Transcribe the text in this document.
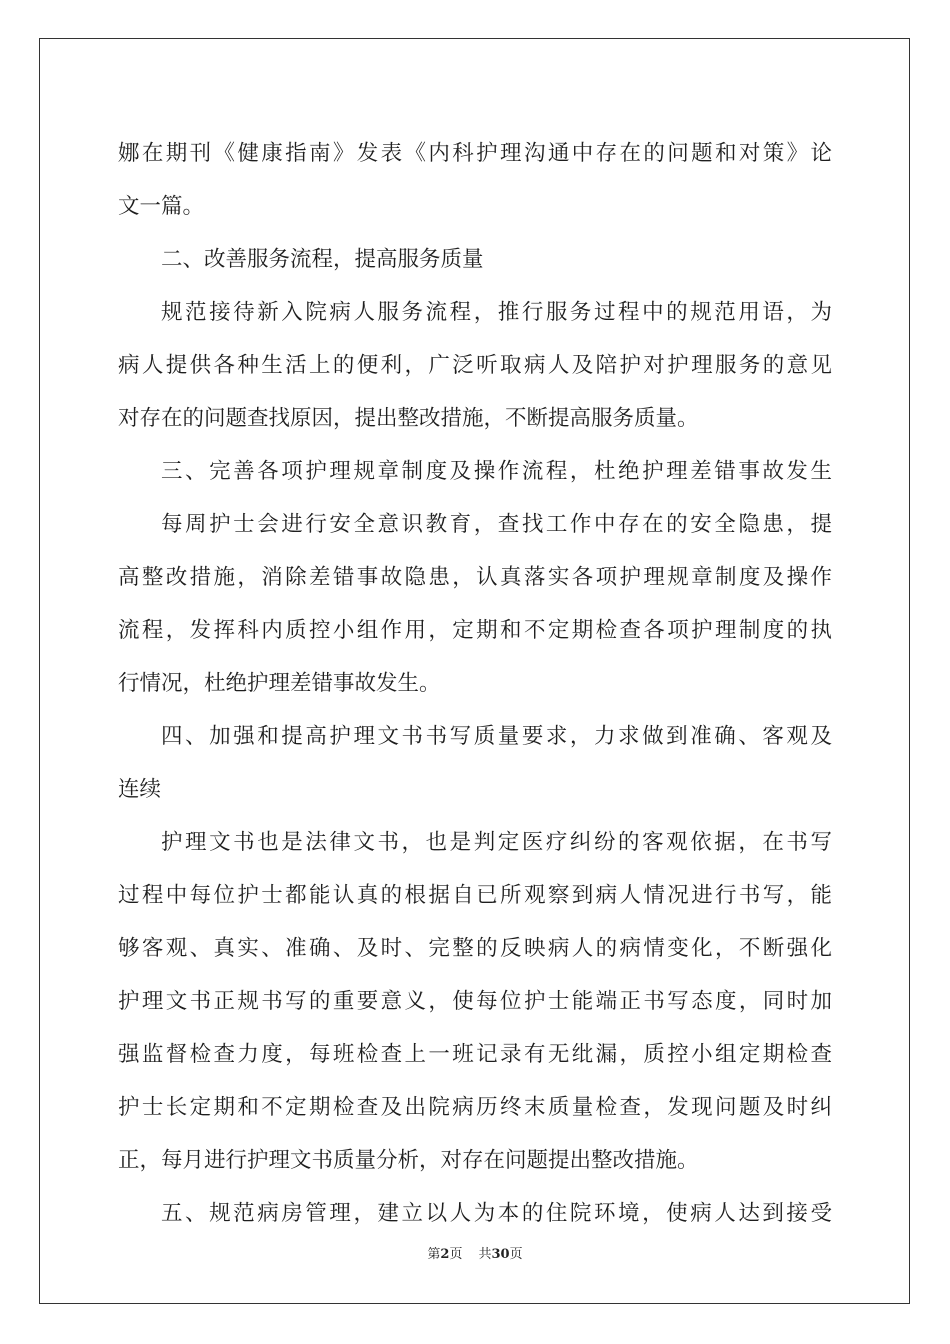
娜在期刊《健康指南》发表《内科护理沟通中存在的问题和对策》论
文一篇。
二、改善服务流程，提高服务质量
规范接待新入院病人服务流程，推行服务过程中的规范用语，为
病人提供各种生活上的便利，广泛听取病人及陪护对护理服务的意见
对存在的问题查找原因，提出整改措施，不断提高服务质量。
三、完善各项护理规章制度及操作流程，杜绝护理差错事故发生
每周护士会进行安全意识教育，查找工作中存在的安全隐患，提
高整改措施，消除差错事故隐患，认真落实各项护理规章制度及操作
流程，发挥科内质控小组作用，定期和不定期检查各项护理制度的执
行情况，杜绝护理差错事故发生。
四、加强和提高护理文书书写质量要求，力求做到准确、客观及
连续
护理文书也是法律文书，也是判定医疗纠纷的客观依据，在书写
过程中每位护士都能认真的根据自已所观察到病人情况进行书写，能
够客观、真实、准确、及时、完整的反映病人的病情变化，不断强化
护理文书正规书写的重要意义，使每位护士能端正书写态度，同时加
强监督检查力度，每班检查上一班记录有无纰漏，质控小组定期检查
护士长定期和不定期检查及出院病历终末质量检查，发现问题及时纠
正，每月进行护理文书质量分析，对存在问题提出整改措施。
五、规范病房管理，建立以人为本的住院环境，使病人达到接受
第2页 共30页
